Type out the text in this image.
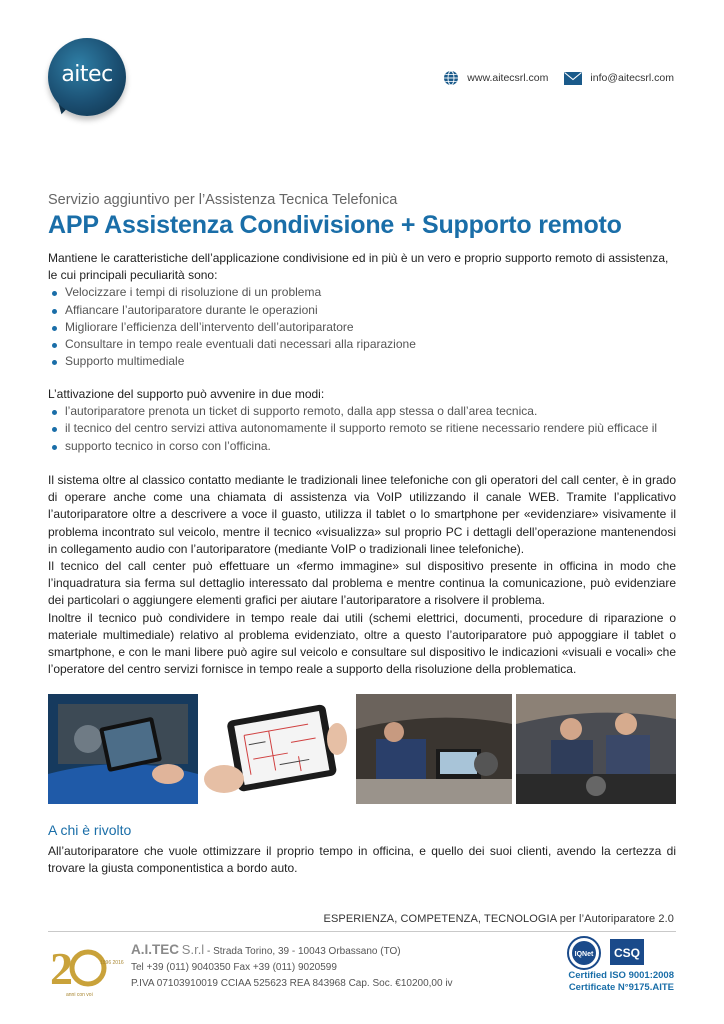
aitec	www.aitecsrl.com	info@aitecsrl.com
Servizio aggiuntivo per l’Assistenza Tecnica Telefonica
APP Assistenza Condivisione + Supporto remoto

Mantiene le caratteristiche dell’applicazione condivisione ed in più è un vero e proprio supporto remoto di assistenza, le cui principali peculiarità sono:

Velocizzare i tempi di risoluzione di un problema
Affiancare l’autoriparatore durante le operazioni
Migliorare l’efficienza dell’intervento dell’autoriparatore
Consultare in tempo reale eventuali dati necessari alla riparazione
Supporto multimediale

L’attivazione del supporto può avvenire in due modi:

l’autoriparatore prenota un ticket di supporto remoto, dalla app stessa o dall’area tecnica.
il tecnico del centro servizi attiva autonomamente il supporto remoto se ritiene necessario rendere più efficace il
supporto tecnico in corso con l’officina.

Il sistema oltre al classico contatto mediante le tradizionali linee telefoniche con gli operatori del call center, è in grado di operare anche come una chiamata di assistenza via VoIP utilizzando il canale WEB. Tramite l’applicativo l’autoriparatore oltre a descrivere a voce il guasto, utilizza il tablet o lo smartphone per «evidenziare» visivamente il problema incontrato sul veicolo, mentre il tecnico «visualizza» sul proprio PC i dettagli dell’operazione mantenendosi in collegamento audio con l’autoriparatore (mediante VoIP o tradizionali linee telefoniche).

Il tecnico del call center può effettuare un «fermo immagine» sul dispositivo presente in officina in modo che l’inquadratura sia ferma sul dettaglio interessato dal problema e mentre continua la comunicazione, può evidenziare dei particolari o aggiungere elementi grafici per aiutare l’autoriparatore a risolvere il problema.

Inoltre il tecnico può condividere in tempo reale dai utili (schemi elettrici, documenti, procedure di riparazione o materiale multimediale) relativo al problema evidenziato, oltre a questo l’autoriparatore può appoggiare il tablet o smartphone, e con le mani libere può agire sul veicolo e consultare sul dispositivo le indicazioni «visuali e vocali» che l’operatore del centro servizi fornisce in tempo reale a supporto della risoluzione della problematica.

A chi è rivolto
All’autoriparatore che vuole ottimizzare il proprio tempo in officina, e quello dei suoi clienti, avendo la certezza di trovare la giusta componentistica a bordo auto.
ESPERIENZA, COMPETENZA, TECNOLOGIA per l’Autoriparatore 2.0
2	1996 2016
anni con voi
A.I.TEC S.r.l - Strada Torino, 39 - 10043 Orbassano (TO)
Tel +39 (011) 9040350 Fax +39 (011) 9020599
P.IVA 07103910019 CCIAA 525623 REA 843968 Cap. Soc. €10200,00 iv
IQNet CSQ
Certified ISO 9001:2008
Certificate N°9175.AITE
